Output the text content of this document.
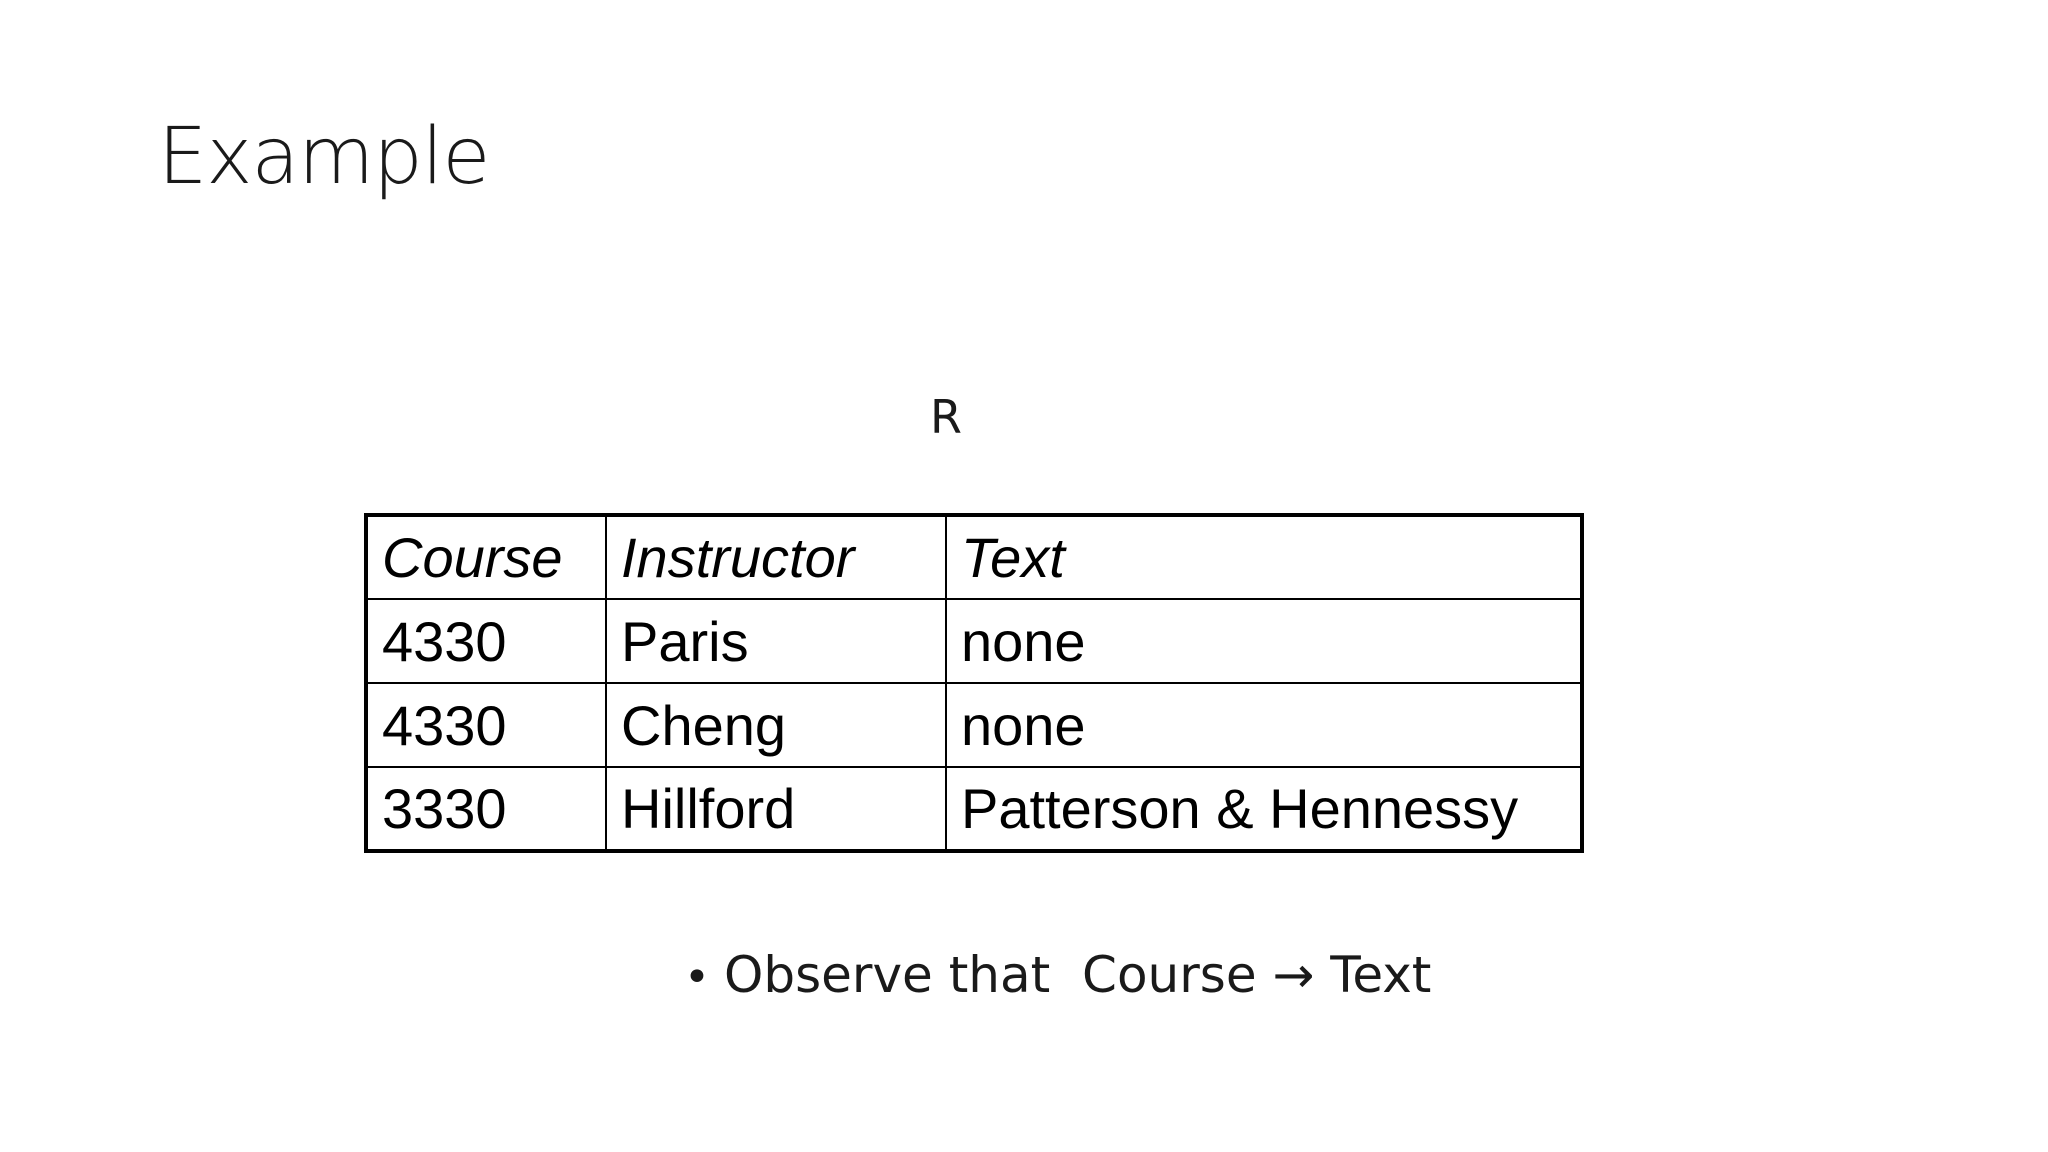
Example
R
Course	Instructor	Text
4330	Paris	none
4330	Cheng	none
3330	Hillford	Patterson & Hennessy
• Observe that  Course → Text
